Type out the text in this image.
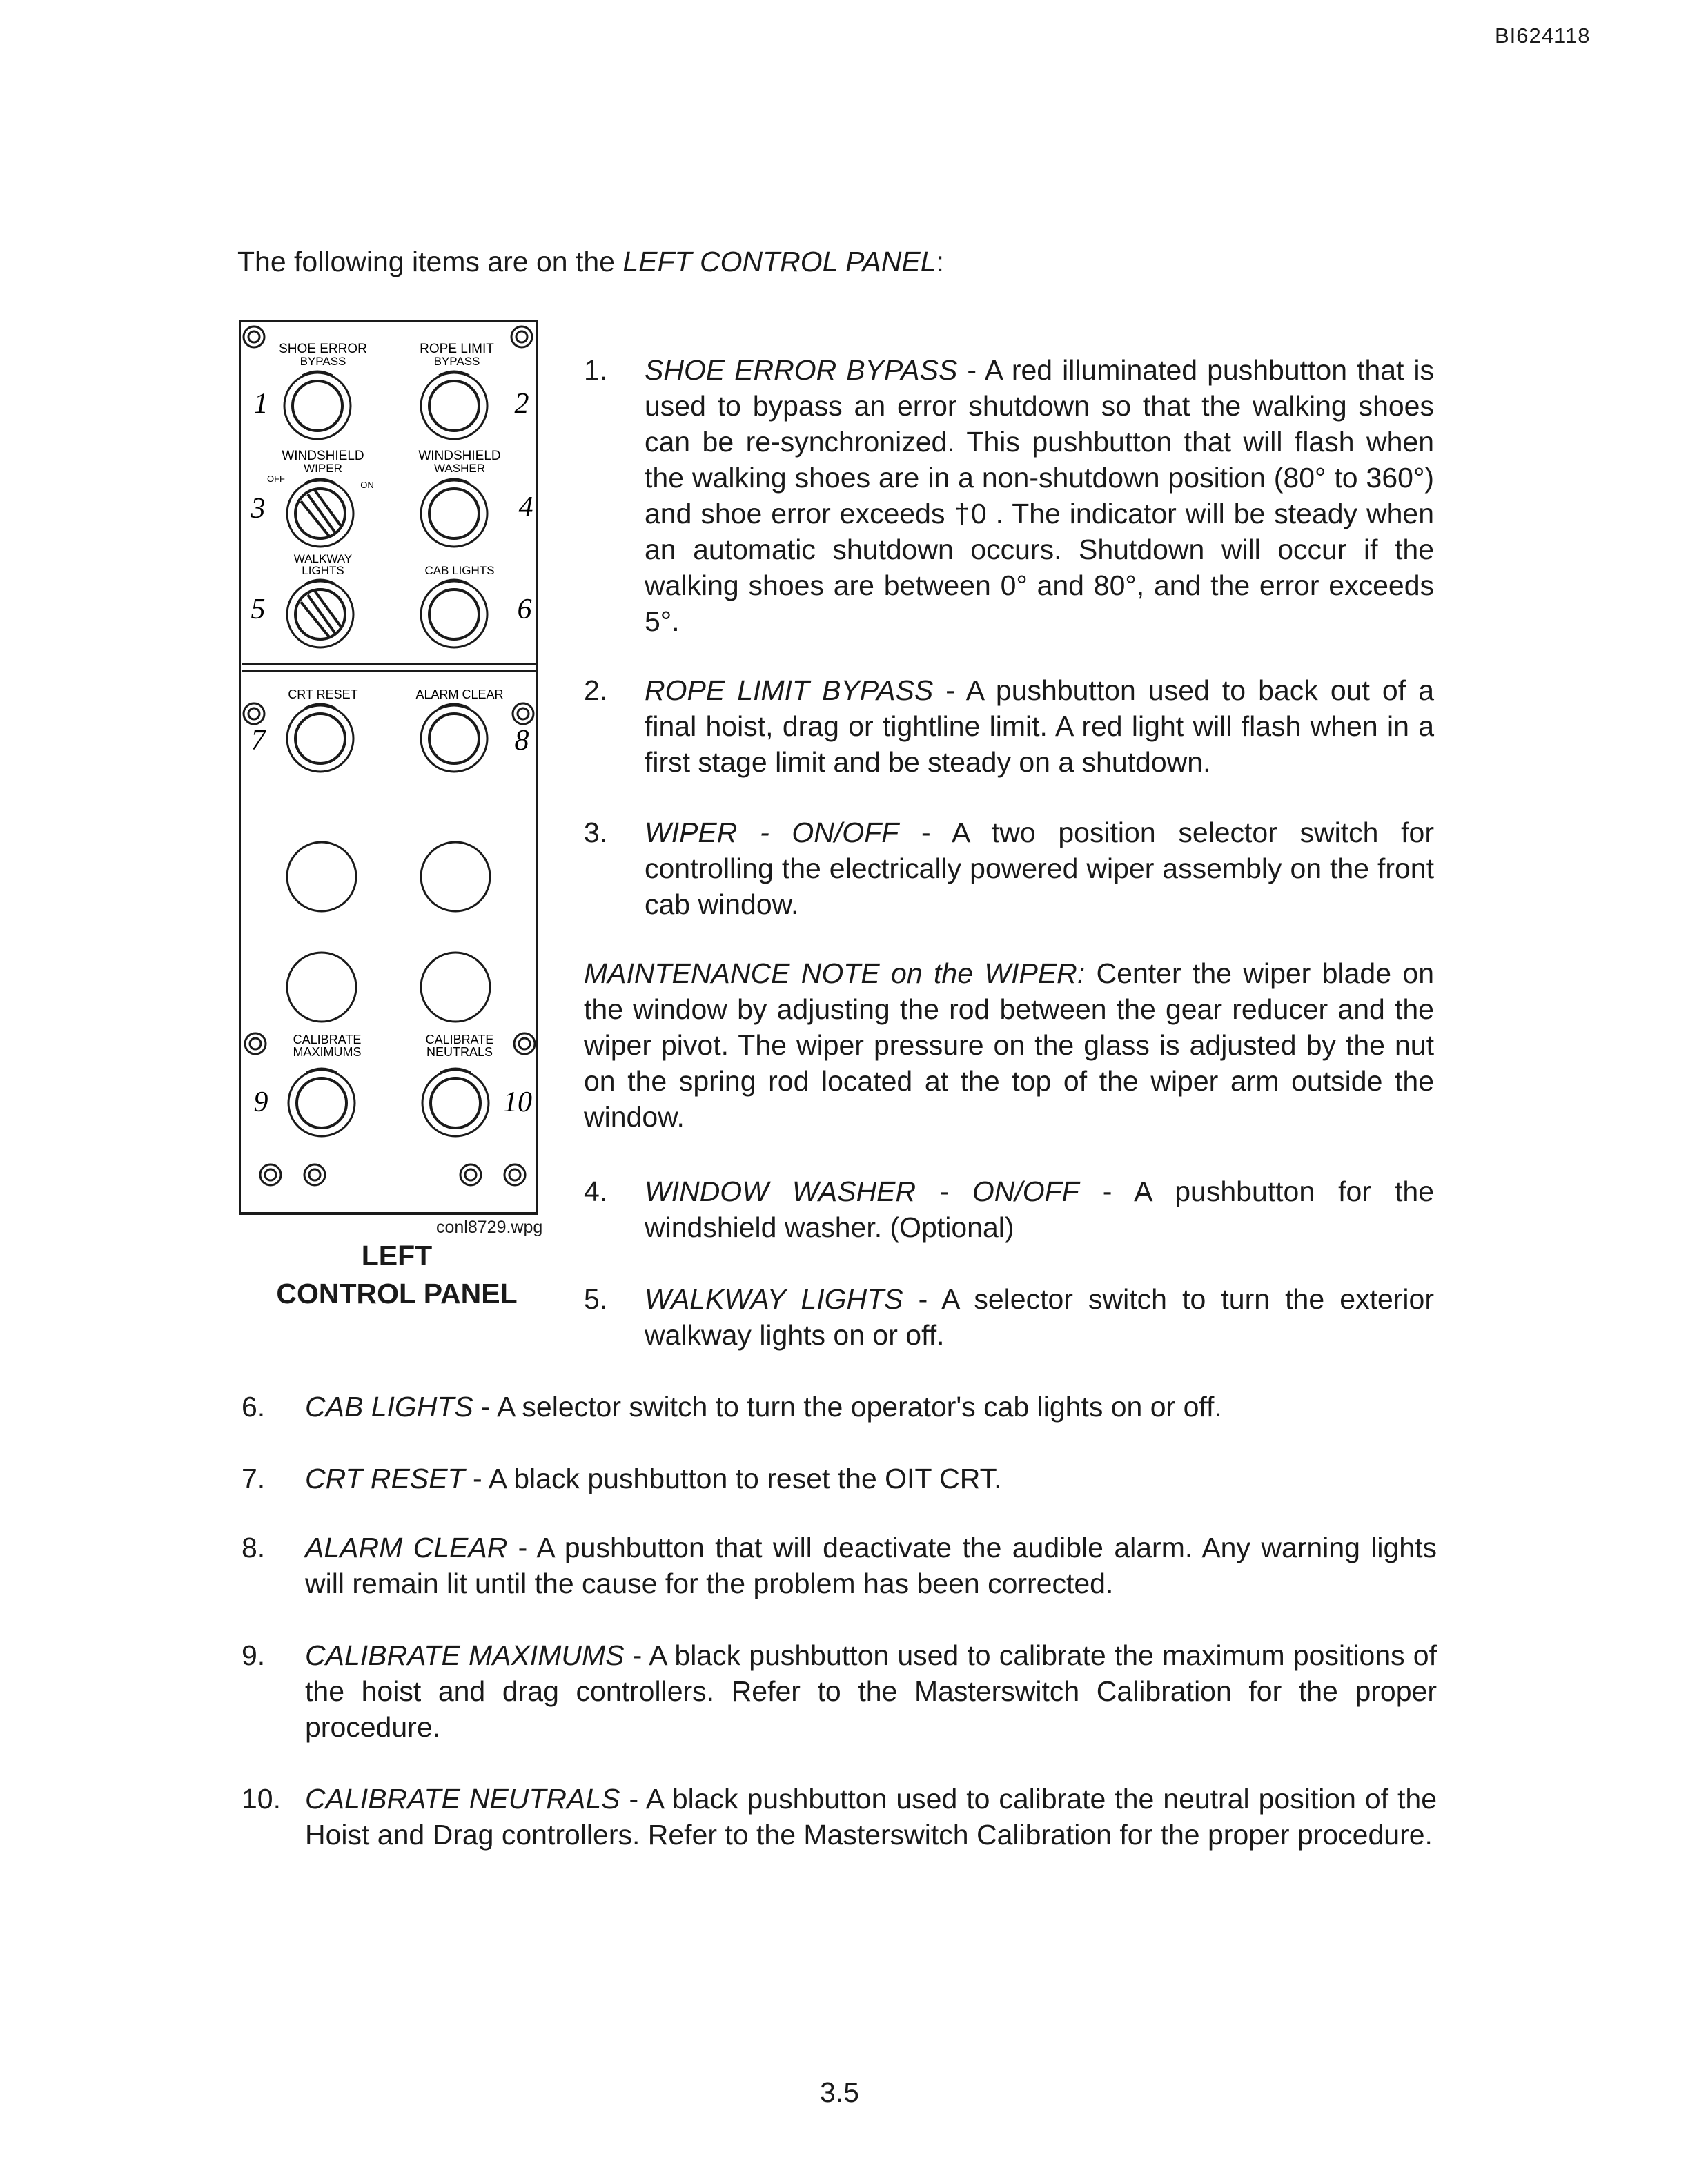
BI624118
The following items are on the LEFT CONTROL PANEL:
SHOE ERROR
BYPASS
ROPE LIMIT
BYPASS
1	2
WINDSHIELD
WIPER
OFF
ON
WINDSHIELD
WASHER
3	4
WALKWAY
LIGHTS	CAB LIGHTS
5	6
CRT RESET	ALARM CLEAR
7	8
CALIBRATE
MAXIMUMS
CALIBRATE
NEUTRALS
9	10
conl8729.wpg
LEFT
CONTROL PANEL
1. SHOE ERROR BYPASS - A red illuminated pushbutton that is used to bypass an error shutdown so that the walking shoes can be re-synchronized. This pushbutton that will flash when the walking shoes are in a non-shutdown position (80° to 360°) and shoe error exceeds †0 . The indicator will be steady when an automatic shutdown occurs. Shutdown will occur if the walking shoes are between 0° and 80°, and the error exceeds 5°.
2. ROPE LIMIT BYPASS - A pushbutton used to back out of a final hoist, drag or tightline limit. A red light will flash when in a first stage limit and be steady on a shutdown.
3. WIPER - ON/OFF - A two position selector switch for controlling the electrically powered wiper assembly on the front cab window.
MAINTENANCE NOTE on the WIPER: Center the wiper blade on the window by adjusting the rod between the gear reducer and the wiper pivot. The wiper pressure on the glass is adjusted by the nut on the spring rod located at the top of the wiper arm outside the window.
4. WINDOW WASHER - ON/OFF - A pushbutton for the windshield washer. (Optional)
5. WALKWAY LIGHTS - A selector switch to turn the exterior walkway lights on or off.
6. CAB LIGHTS - A selector switch to turn the operator's cab lights on or off.
7. CRT RESET - A black pushbutton to reset the OIT CRT.
8. ALARM CLEAR - A pushbutton that will deactivate the audible alarm. Any warning lights will remain lit until the cause for the problem has been corrected.
9. CALIBRATE MAXIMUMS - A black pushbutton used to calibrate the maximum positions of the hoist and drag controllers. Refer to the Masterswitch Calibration for the proper procedure.
10. CALIBRATE NEUTRALS - A black pushbutton used to calibrate the neutral position of the Hoist and Drag controllers. Refer to the Masterswitch Calibration for the proper procedure.
3.5
